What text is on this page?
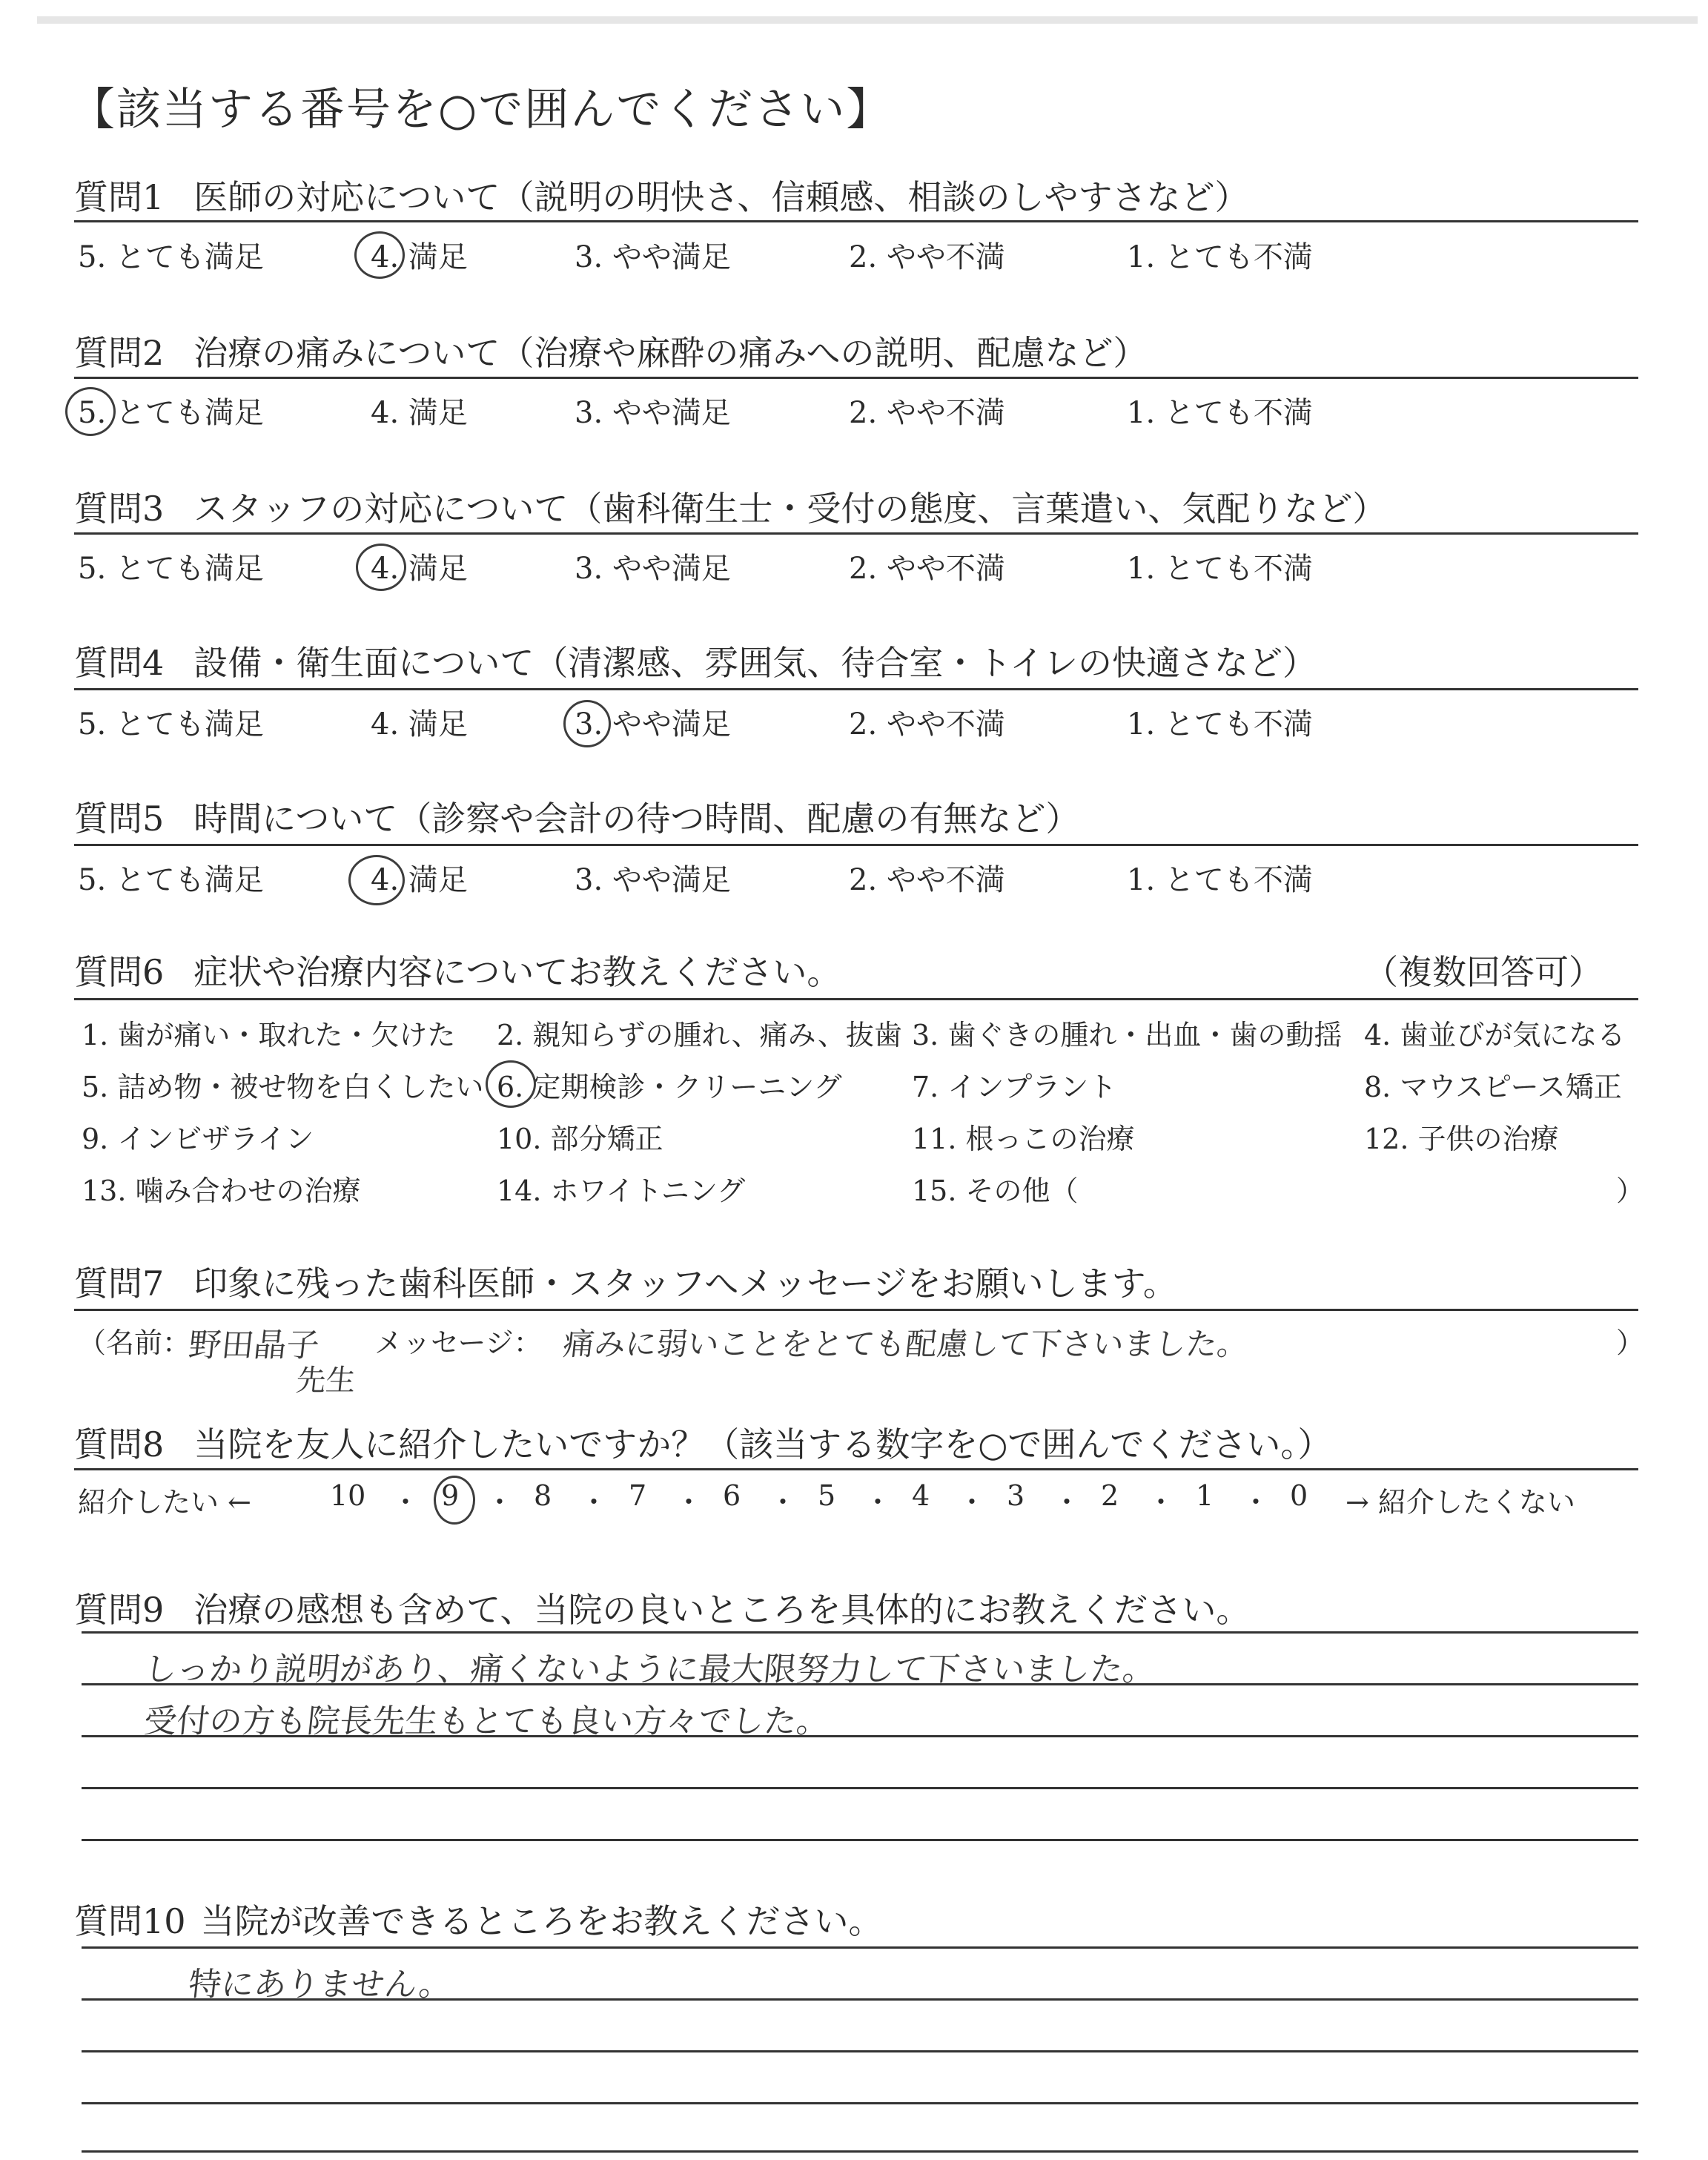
【該当する番号を○で囲んでください】
質問1 医師の対応について（説明の明快さ、信頼感、相談のしやすさなど）
5. とても満足	4. 満足	3. やや満足	2. やや不満	1. とても不満
質問2 治療の痛みについて（治療や麻酔の痛みへの説明、配慮など）
5. とても満足	4. 満足	3. やや満足	2. やや不満	1. とても不満
質問3 スタッフの対応について（歯科衛生士・受付の態度、言葉遣い、気配りなど）
5. とても満足	4. 満足	3. やや満足	2. やや不満	1. とても不満
質問4 設備・衛生面について（清潔感、雰囲気、待合室・トイレの快適さなど）
5. とても満足	4. 満足	3. やや満足	2. やや不満	1. とても不満
質問5 時間について（診察や会計の待つ時間、配慮の有無など）
5. とても満足	4. 満足	3. やや満足	2. やや不満	1. とても不満
質問6 症状や治療内容についてお教えください。	（複数回答可）
1. 歯が痛い・取れた・欠けた 2. 親知らずの腫れ、痛み、抜歯 3. 歯ぐきの腫れ・出血・歯の動揺 4. 歯並びが気になる
5. 詰め物・被せ物を白くしたい 6. 定期検診・クリーニング 7. インプラント	8. マウスピース矯正
9. インビザライン	10. 部分矯正	11. 根っこの治療	12. 子供の治療
13. 噛み合わせの治療	14. ホワイトニング	15. その他（	）
質問7 印象に残った歯科医師・スタッフへメッセージをお願いします。
（名前：
野田晶子
先生
メッセージ： 痛みに弱いことをとても配慮して下さいました。	）
質問8 当院を友人に紹介したいですか？（該当する数字を○で囲んでください。）
紹介したい ←	→ 紹介したくない
10 ・ 9 ・ 8 ・ 7 ・ 6 ・ 5 ・ 4 ・ 3 ・ 2 ・ 1 ・ 0
質問9 治療の感想も含めて、当院の良いところを具体的にお教えください。
しっかり説明があり、痛くないように最大限努力して下さいました。
受付の方も院長先生もとても良い方々でした。
質問10 当院が改善できるところをお教えください。
特にありません。
